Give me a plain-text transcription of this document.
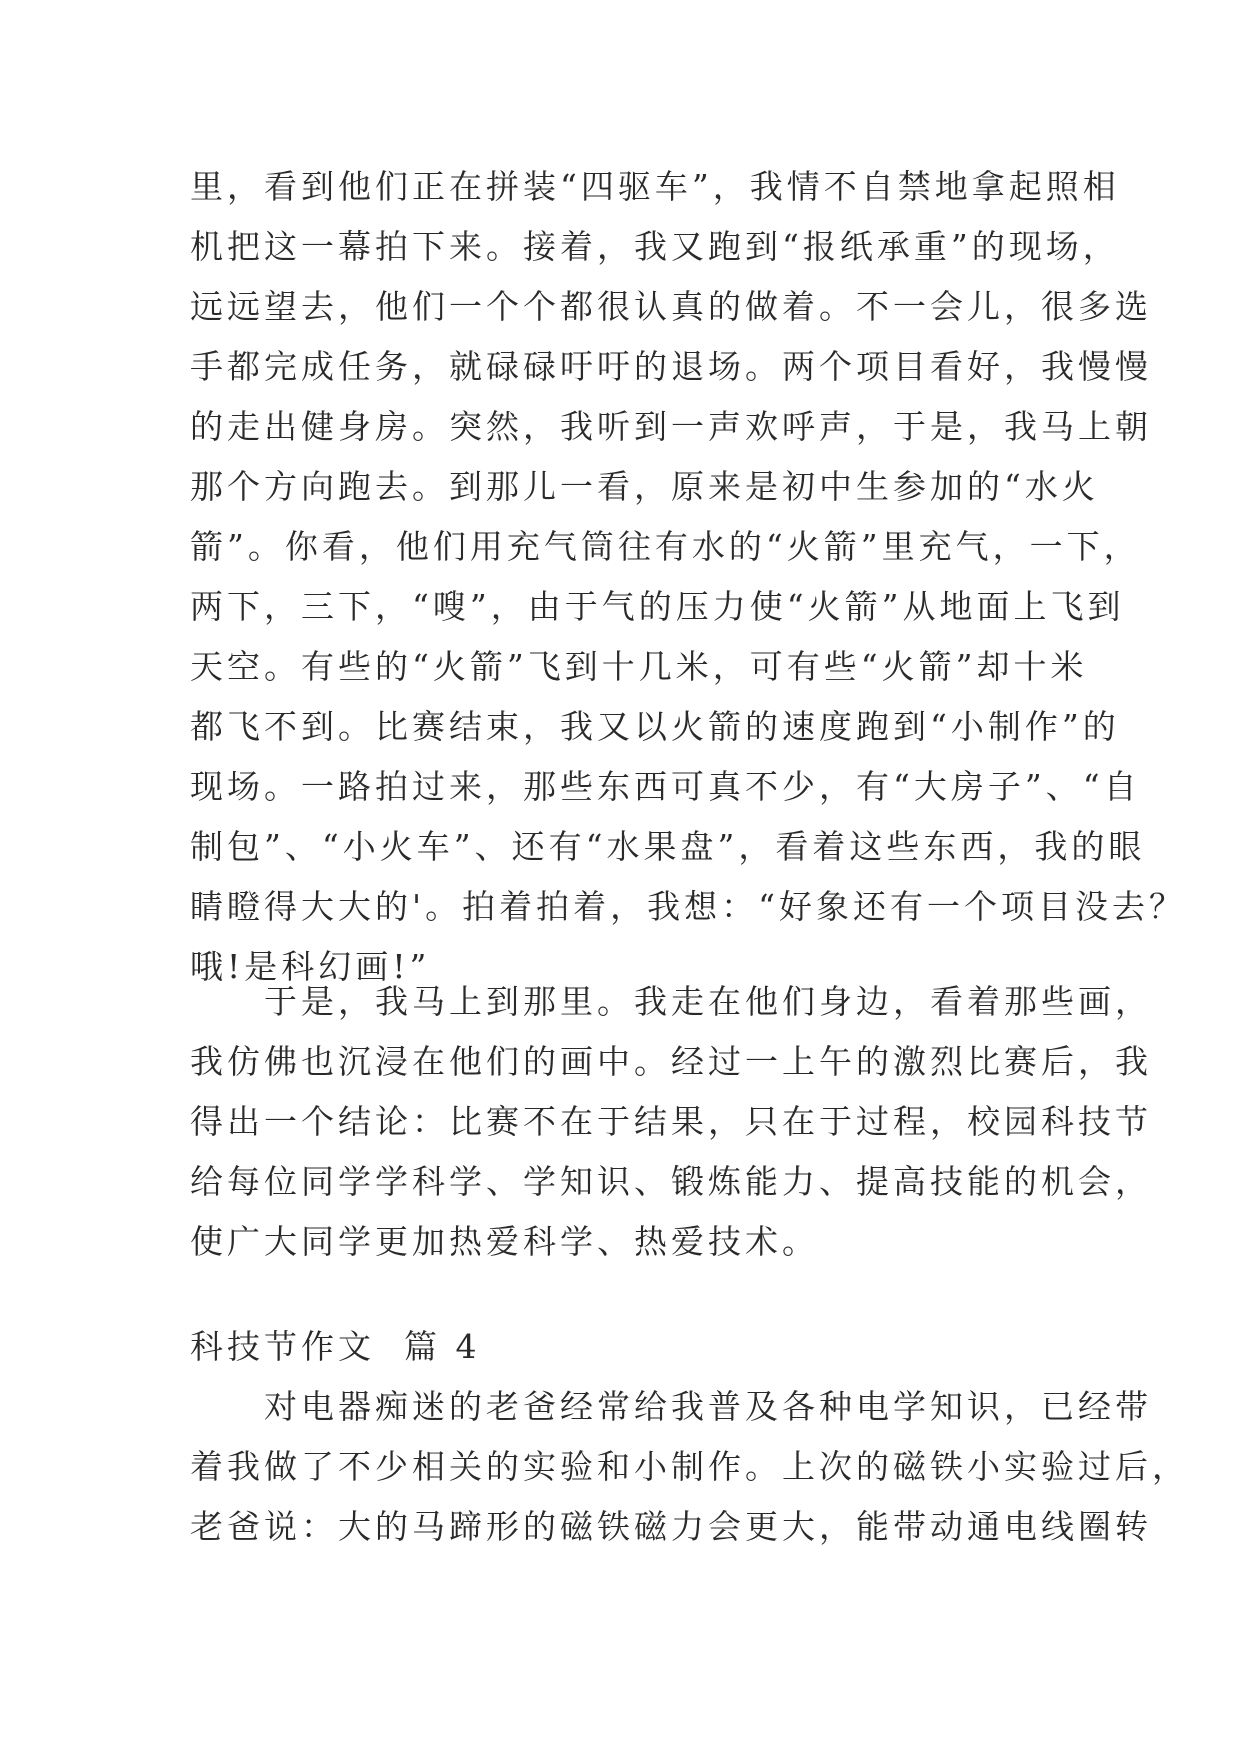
里，看到他们正在拼装“四驱车”，我情不自禁地拿起照相
机把这一幕拍下来。接着，我又跑到“报纸承重”的现场，
远远望去，他们一个个都很认真的做着。不一会儿，很多选
手都完成任务，就碌碌吁吁的退场。两个项目看好，我慢慢
的走出健身房。突然，我听到一声欢呼声，于是，我马上朝
那个方向跑去。到那儿一看，原来是初中生参加的“水火
箭”。你看，他们用充气筒往有水的“火箭”里充气，一下，
两下，三下，“嗖”，由于气的压力使“火箭”从地面上飞到
天空。有些的“火箭”飞到十几米，可有些“火箭”却十米
都飞不到。比赛结束，我又以火箭的速度跑到“小制作”的
现场。一路拍过来，那些东西可真不少，有“大房子”、“自
制包”、“小火车”、还有“水果盘”，看着这些东西，我的眼
睛瞪得大大的'。拍着拍着，我想：“好象还有一个项目没去？
哦!是科幻画!”
　　于是，我马上到那里。我走在他们身边，看着那些画，
我仿佛也沉浸在他们的画中。经过一上午的激烈比赛后，我
得出一个结论：比赛不在于结果，只在于过程，校园科技节
给每位同学学科学、学知识、锻炼能力、提高技能的机会，
使广大同学更加热爱科学、热爱技术。
科技节作文  篇 4
　　对电器痴迷的老爸经常给我普及各种电学知识，已经带
着我做了不少相关的实验和小制作。上次的磁铁小实验过后，
老爸说：大的马蹄形的磁铁磁力会更大，能带动通电线圈转
